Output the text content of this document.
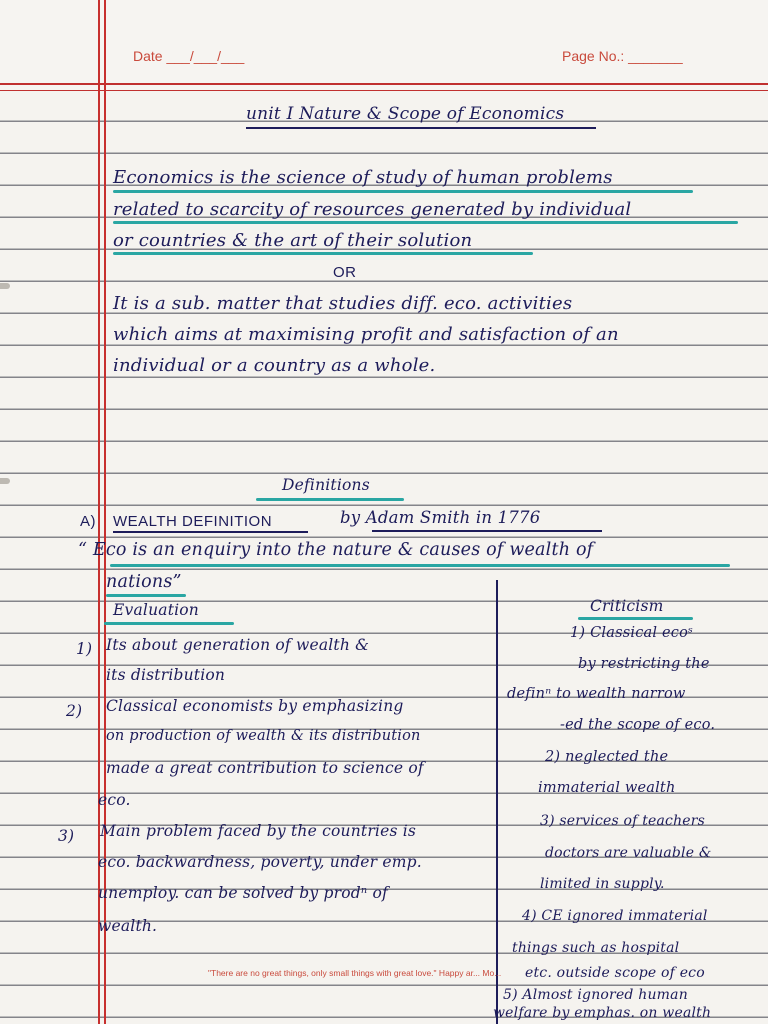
Date ___/___/___	Page No.: _______
unit I Nature & Scope of Economics
Economics is the science of study of human problems
related to scarcity of resources generated by individual
or countries & the art of their solution
OR
It is a sub. matter that studies diff. eco. activities
which aims at maximising profit and satisfaction of an
individual or a country as a whole.
Definitions
A) WEALTH DEFINITION	by Adam Smith in 1776
“ Eco is an enquiry into the nature & causes of wealth of
nations”
Evaluation
1) Its about generation of wealth &
its distribution
2) Classical economists by emphasizing
on production of wealth & its distribution
made a great contribution to science of
eco.
3) Main problem faced by the countries is
eco. backwardness, poverty, under emp.
unemploy. can be solved by prodⁿ of
wealth.
Criticism
1) Classical ecoˢ
by restricting the
definⁿ to wealth narrow
-ed the scope of eco.
2) neglected the
immaterial wealth
3) services of teachers
doctors are valuable &
limited in supply.
4) CE ignored immaterial
things such as hospital
etc. outside scope of eco
5) Almost ignored human
welfare by emphas. on wealth
"There are no great things, only small things with great love." Happy ar... Mo...
